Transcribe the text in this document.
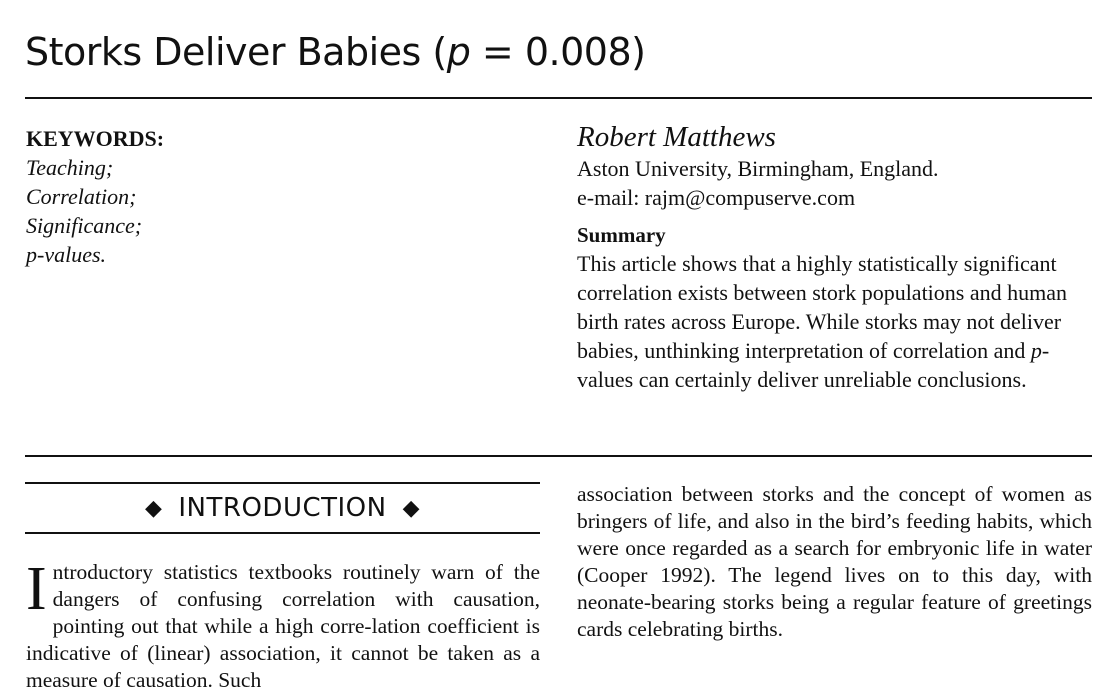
Storks Deliver Babies (p = 0.008)
KEYWORDS:
Teaching;
Correlation;
Significance;
p-values.
Robert Matthews
Aston University, Birmingham, England.
e-mail: rajm@compuserve.com
Summary
This article shows that a highly statistically significant correlation exists between stork populations and human birth rates across Europe. While storks may not deliver babies, unthinking interpretation of correlation and p-values can certainly deliver unreliable conclusions.
◆ INTRODUCTION ◆

Introductory statistics textbooks routinely warn of the dangers of confusing correlation with causation, pointing out that while a high corre-lation coefficient is indicative of (linear) association, it cannot be taken as a measure of causation. Such

association between storks and the concept of women as bringers of life, and also in the bird’s feeding habits, which were once regarded as a search for embryonic life in water (Cooper 1992). The legend lives on to this day, with neonate-bearing storks being a regular feature of greetings cards celebrating births.
